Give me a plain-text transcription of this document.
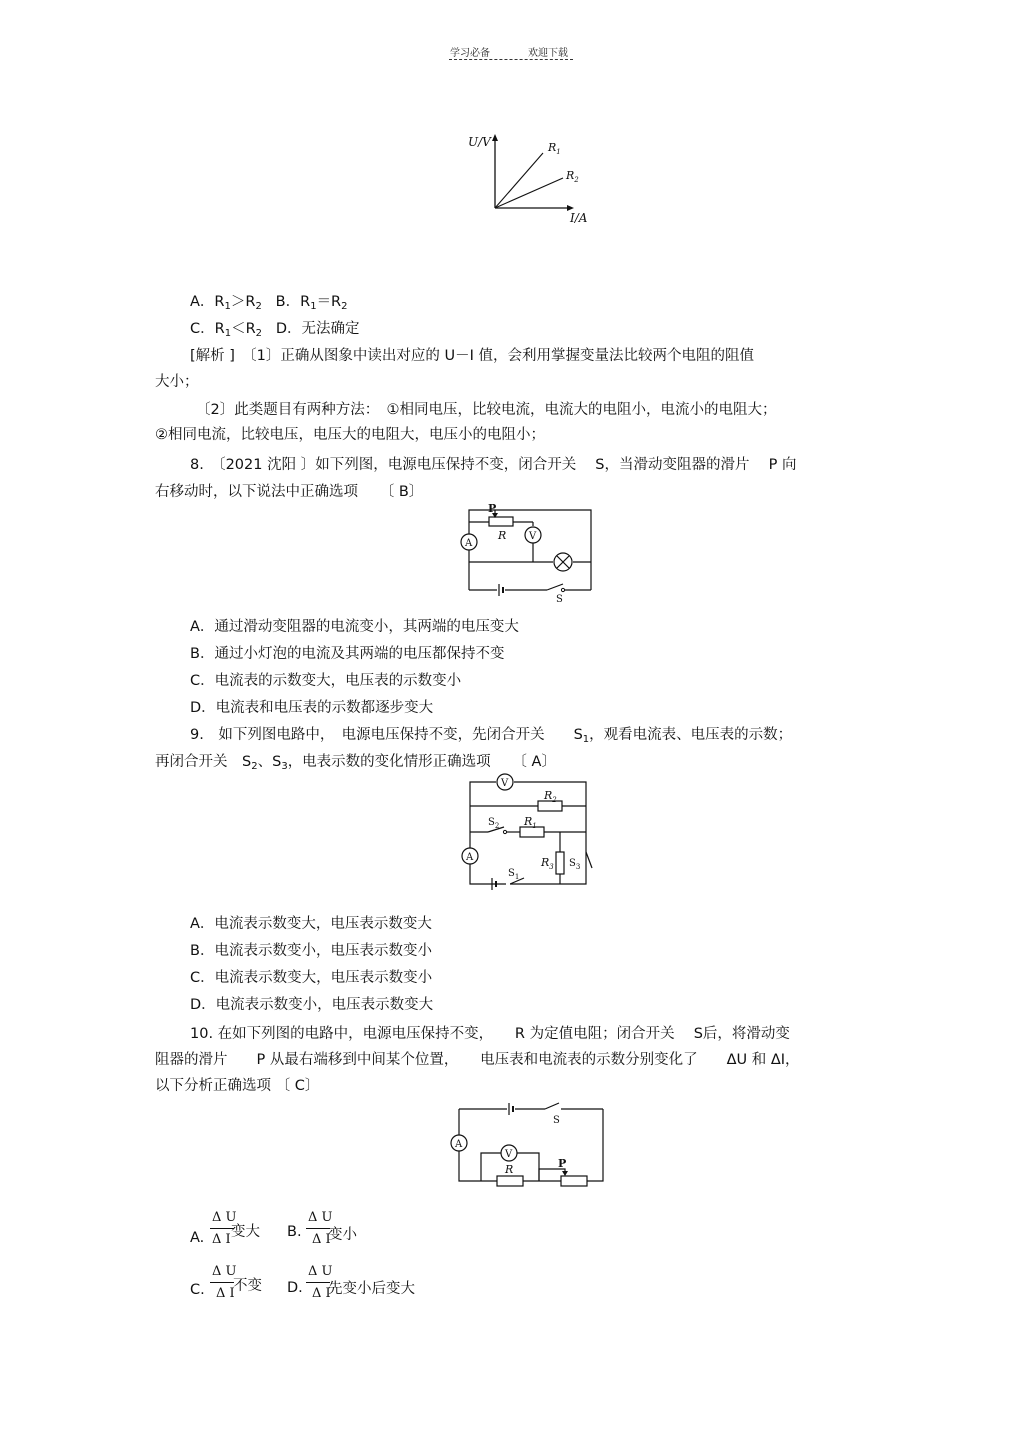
学习必备	欢迎下载
U/V
I/A
$R_1$
$R_2$
A．$R_1>R_2$ B．$R_1=R_2$
C．$R_1<R_2$ D．无法确定
[解析 ]　〔1〕正确从图象中读出对应的 U－I 值，会利用掌握变量法比较两个电阻的阻值
大小；
〔2〕此类题目有两种方法：　①相同电压，比较电流，电流大的电阻小，电流小的电阻大；
②相同电流，比较电压，电压大的电阻大，电压小的电阻小；
8.　〔2021 沈阳 〕如下列图，电源电压保持不变，闭合开关　 S，当滑动变阻器的滑片　 P 向
右移动时，以下说法中正确选项　　〔 B〕
P
R V
A
S
A．通过滑动变阻器的电流变小，其两端的电压变大
B．通过小灯泡的电流及其两端的电压都保持不变
C．电流表的示数变大，电压表的示数变小
D．电流表和电压表的示数都逐步变大
9.　如下列图电路中，　电源电压保持不变，先闭合开关　　$S_1$，观看电流表、电压表的示数；
再闭合开关　$S_2$、$S_3$，电表示数的变化情形正确选项　　〔 A〕
V
$R_2$
$S_2$ $R_1$
$R_3$ $S_3$
A
$S_1$
A．电流表示数变大，电压表示数变大
B．电流表示数变小，电压表示数变小
C．电流表示数变大，电压表示数变小
D．电流表示数变小，电压表示数变大
10. 在如下列图的电路中，电源电压保持不变，　　R 为定值电阻；闭合开关　 S后，将滑动变
阻器的滑片　　P 从最右端移到中间某个位置，　　电压表和电流表的示数分别变化了　　ΔU 和 ΔI，
以下分析正确选项 〔 C〕
A
V
R	P
S
A.
Δ U
Δ I 变大 B.
Δ U
Δ I
变小
C.
Δ U
Δ I
不变 D.
Δ U
Δ I
先变小后变大
